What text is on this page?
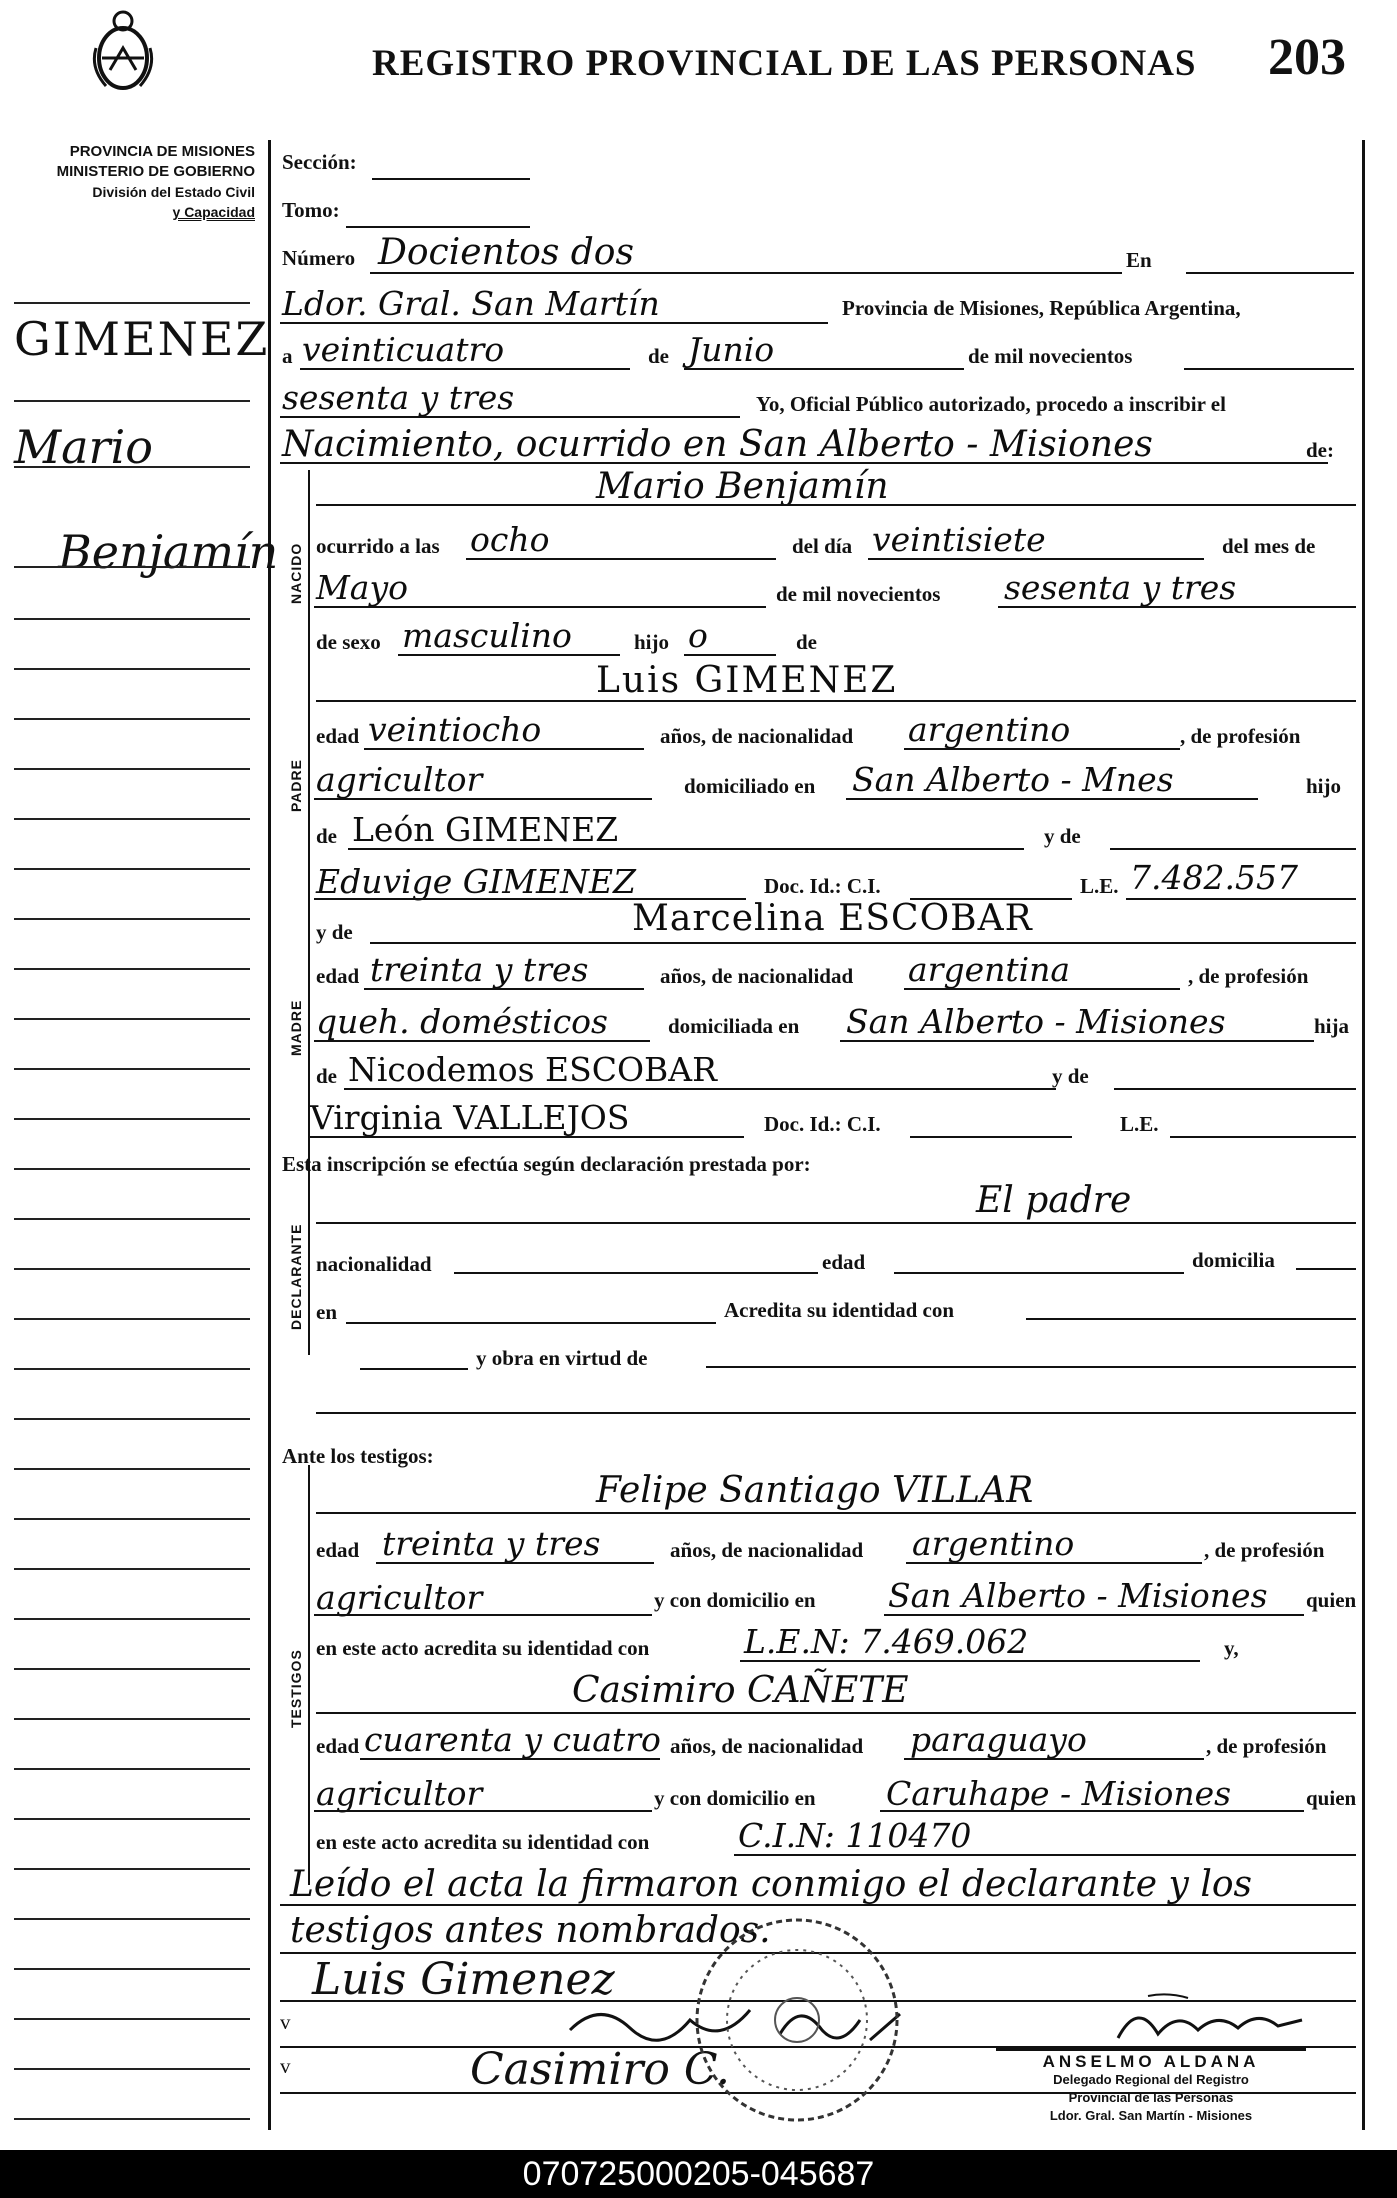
REGISTRO PROVINCIAL DE LAS PERSONAS 203
PROVINCIA DE MISIONES
MINISTERIO DE GOBIERNO
División del Estado Civil
y Capacidad
GIMENEZ
Mario
Benjamín
Sección:
Tomo:
Número Docientos dos	En
Ldor. Gral. San Martín	Provincia de Misiones, República Argentina,
a veinticuatro	de Junio	de mil novecientos
sesenta y tres	Yo, Oficial Público autorizado, procedo a inscribir el
Nacimiento, ocurrido en San Alberto - Misiones	de:
NACIDO
Mario Benjamín
ocurrido a las ocho	del día veintisiete	del mes de
Mayo	de mil novecientos sesenta y tres
de sexo masculino	hijo o	de
PADRE
Luis GIMENEZ
edad veintiocho	años, de nacionalidad argentino	, de profesión
agricultor	domiciliado en San Alberto - Mnes	hijo
de León GIMENEZ	y de
Eduvige GIMENEZ	Doc. Id.: C.I.	L.E. 7.482.557
y de	Marcelina ESCOBAR
MADRE
edad treinta y tres	años, de nacionalidad argentina	, de profesión
queh. domésticos	domiciliada en San Alberto - Misiones	hija
de Nicodemos ESCOBAR	y de
Virginia VALLEJOS	Doc. Id.: C.I.	L.E.
Esta inscripción se efectúa según declaración prestada por:
DECLARANTE
El padre
nacionalidad	edad	domicilia
en	Acredita su identidad con
y obra en virtud de
Ante los testigos:
TESTIGOS
Felipe Santiago VILLAR
edad treinta y tres	años, de nacionalidad argentino	, de profesión
agricultor	y con domicilio en San Alberto - Misiones quien
en este acto acredita su identidad con	L.E.N: 7.469.062	y,
Casimiro CAÑETE
edad cuarenta y cuatro años, de nacionalidad paraguayo	, de profesión
agricultor	y con domicilio en Caruhape - Misiones	quien
en este acto acredita su identidad con	C.I.N: 110470
Leído el acta la firmaron conmigo el declarante y los
testigos antes nombrados.
v
v
Luis Gimenez
Casimiro C.	ANSELMO ALDANA
Delegado Regional del Registro
Provincial de las Personas
Ldor. Gral. San Martín - Misiones
070725000205-045687
